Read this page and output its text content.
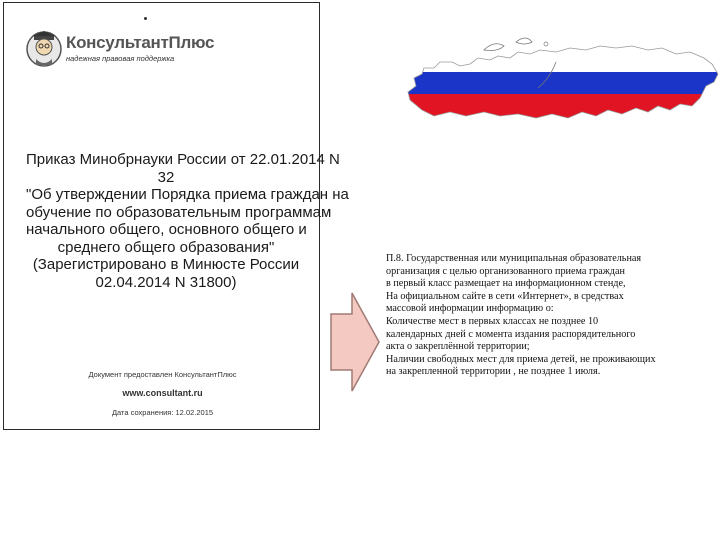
КонсультантПлюс
надежная правовая поддержка
Приказ Минобрнауки России от 22.01.2014 N
32
"Об утверждении Порядка приема граждан на
обучение по образовательным программам
начального общего, основного общего и
среднего общего образования"
(Зарегистрировано в Минюсте России
02.04.2014 N 31800)
Документ предоставлен КонсультантПлюс
www.consultant.ru
Дата сохранения: 12.02.2015
П.8. Государственная или муниципальная образовательная
организация с целью организованного приема граждан
в первый класс размещает на информационном стенде,
На официальном сайте в сети «Интернет», в средствах
массовой информации информацию о:
Количестве мест в первых классах не позднее 10
календарных дней с момента издания распорядительного
акта о закреплённой территории;
Наличии свободных мест для приема детей, не проживающих
на закрепленной территории , не позднее 1 июля.
